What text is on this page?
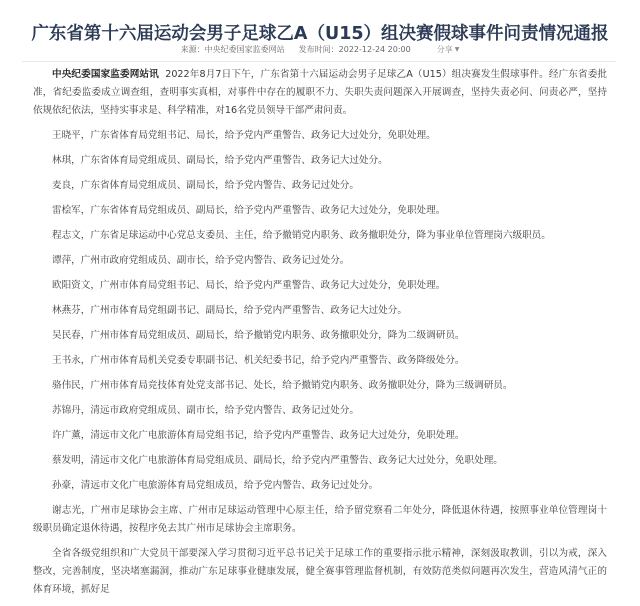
广东省第十六届运动会男子足球乙A（U15）组决赛假球事件问责情况通报
来源：中央纪委国家监委网站 发布时间：2022-12-24 20:00	分享 ▼

中央纪委国家监委网站讯 2022年8月7日下午，广东省第十六届运动会男子足球乙A（U15）组决赛发生假球事件。经广东省委批准，省纪委监委成立调查组，查明事实真相，对事件中存在的履职不力、失职失责问题深入开展调查，坚持失责必问、问责必严，坚持依规依纪依法，坚持实事求是、科学精准，对16名党员领导干部严肃问责。

王晓平，广东省体育局党组书记、局长，给予党内严重警告、政务记大过处分，免职处理。

林琪，广东省体育局党组成员、副局长，给予党内严重警告、政务记大过处分。

麦良，广东省体育局党组成员、副局长，给予党内警告、政务记过处分。

雷桧军，广东省体育局党组成员、副局长，给予党内严重警告、政务记大过处分，免职处理。

程志文，广东省足球运动中心党总支委员、主任，给予撤销党内职务、政务撤职处分，降为事业单位管理岗六级职员。

谭萍，广州市政府党组成员、副市长，给予党内警告、政务记过处分。

欧阳资文，广州市体育局党组书记、局长，给予党内严重警告、政务记大过处分，免职处理。

林燕芬，广州市体育局党组副书记、副局长，给予党内严重警告、政务记大过处分。

吴民春，广州市体育局党组成员、副局长，给予撤销党内职务、政务撤职处分，降为二级调研员。

王书永，广州市体育局机关党委专职副书记、机关纪委书记，给予党内严重警告、政务降级处分。

骆伟民，广州市体育局竞技体育处党支部书记、处长，给予撤销党内职务、政务撤职处分，降为三级调研员。

苏锦丹，清远市政府党组成员、副市长，给予党内警告、政务记过处分。

许广薰，清远市文化广电旅游体育局党组书记，给予党内严重警告、政务记大过处分，免职处理。

蔡发明，清远市文化广电旅游体育局党组成员、副局长，给予党内严重警告、政务记大过处分，免职处理。

孙豪，清远市文化广电旅游体育局党组成员，给予党内警告、政务记过处分。

谢志光，广州市足球协会主席、广州市足球运动管理中心原主任，给予留党察看二年处分，降低退休待遇，按照事业单位管理岗十级职员确定退休待遇，按程序免去其广州市足球协会主席职务。

全省各级党组织和广大党员干部要深入学习贯彻习近平总书记关于足球工作的重要指示批示精神，深刻汲取教训，引以为戒，深入整改，完善制度，坚决堵塞漏洞，推动广东足球事业健康发展，健全赛事管理监督机制，有效防范类似问题再次发生，营造风清气正的体育环境，抓好足
